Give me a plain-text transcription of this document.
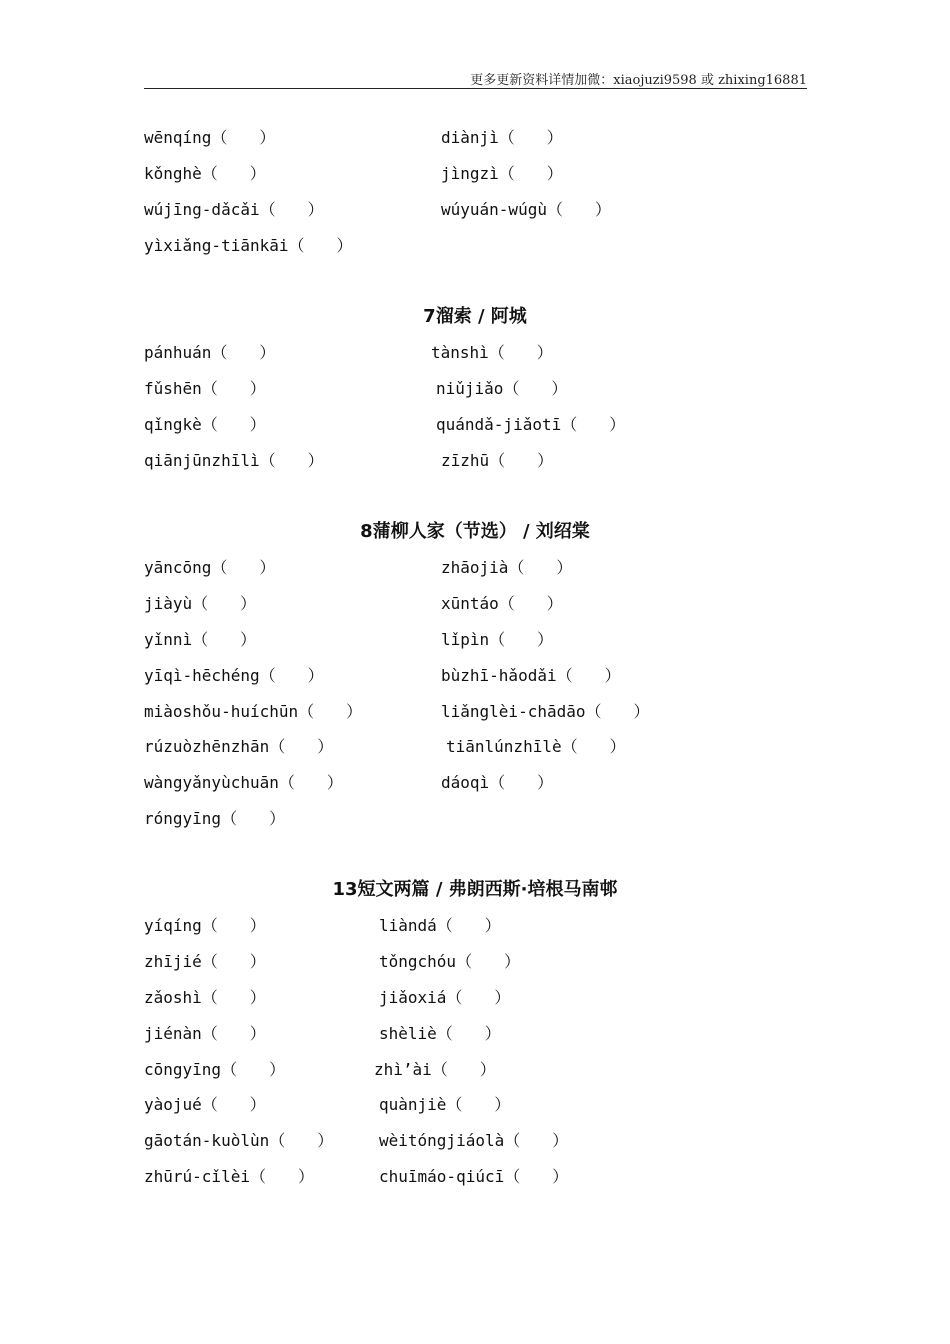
更多更新资料详情加微：xiaojuzi9598 或 zhixing16881
wēnqíng（　　）	diànjì（　　）
kǒnghè（　　）	jìngzì（　　）
wújīng-dǎcǎi（　　）	wúyuán-wúgù（　　）
yìxiǎng-tiānkāi（　　）
7溜索 / 阿城
pánhuán（　　）	tànshì（　　）
fǔshēn（　　）	niǔjiǎo（　　）
qǐngkè（　　）	quándǎ-jiǎotī（　　）
qiānjūnzhīlì（　　）	zīzhū（　　）
8蒲柳人家（节选） / 刘绍棠
yāncōng（　　）	zhāojià（　　）
jiàyù（　　）	xūntáo（　　）
yǐnnì（　　）	lǐpìn（　　）
yīqì-hēchéng（　　）	bùzhī-hǎodǎi（　　）
miàoshǒu-huíchūn（　　）	liǎnglèi-chādāo（　　）
rúzuòzhēnzhān（　　）	tiānlúnzhīlè（　　）
wàngyǎnyùchuān（　　）	dáoqì（　　）
róngyīng（　　）
13短文两篇 / 弗朗西斯·培根马南邨
yíqíng（　　）	liàndá（　　）
zhījié（　　）	tǒngchóu（　　）
zǎoshì（　　）	jiǎoxiá（　　）
jiénàn（　　）	shèliè（　　）
cōngyīng（　　）	zhì’ài（　　）
yàojué（　　）	quànjiè（　　）
gāotán-kuòlùn（　　）	wèitóngjiáolà（　　）
zhūrú-cǐlèi（　　）	chuīmáo-qiúcī（　　）
